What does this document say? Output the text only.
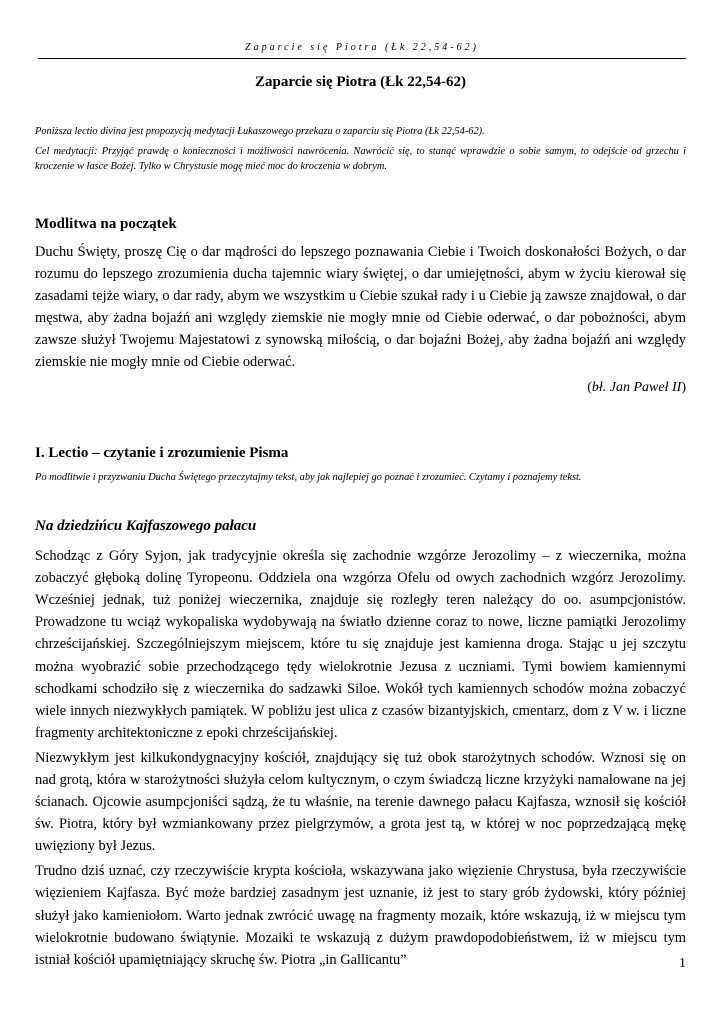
Zaparcie się Piotra (Łk 22,54-62)
Zaparcie się Piotra (Łk 22,54-62)

Poniższa lectio divina jest propozycją medytacji Łukaszowego przekazu o zaparciu się Piotra (Łk 22,54-62).

Cel medytacji: Przyjąć prawdę o konieczności i możliwości nawrócenia. Nawrócić się, to stanąć wprawdzie o sobie samym, to odejście od grzechu i kroczenie w łasce Bożej. Tylko w Chrystusie mogę mieć moc do kroczenia w dobrym.

Modlitwa na początek

Duchu Święty, proszę Cię o dar mądrości do lepszego poznawania Ciebie i Twoich doskonałości Bożych, o dar rozumu do lepszego zrozumienia ducha tajemnic wiary świętej, o dar umiejętności, abym w życiu kierował się zasadami tejże wiary, o dar rady, abym we wszystkim u Ciebie szukał rady i u Ciebie ją zawsze znajdował, o dar męstwa, aby żadna bojaźń ani względy ziemskie nie mogły mnie od Ciebie oderwać, o dar pobożności, abym zawsze służył Twojemu Majestatowi z synowską miłością, o dar bojaźni Bożej, aby żadna bojaźń ani względy ziemskie nie mogły mnie od Ciebie oderwać.

(bł. Jan Paweł II)
I. Lectio – czytanie i zrozumienie Pisma

Po modlitwie i przyzwaniu Ducha Świętego przeczytajmy tekst, aby jak najlepiej go poznać i zrozumieć. Czytamy i poznajemy tekst.

Na dziedzińcu Kajfaszowego pałacu

Schodząc z Góry Syjon, jak tradycyjnie określa się zachodnie wzgórze Jerozolimy – z wieczernika, można zobaczyć głęboką dolinę Tyropeonu. Oddziela ona wzgórza Ofelu od owych zachodnich wzgórz Jerozolimy. Wcześniej jednak, tuż poniżej wieczernika, znajduje się rozległy teren należący do oo. asumpcjonistów. Prowadzone tu wciąż wykopaliska wydobywają na światło dzienne coraz to nowe, liczne pamiątki Jerozolimy chrześcijańskiej. Szczególniejszym miejscem, które tu się znajduje jest kamienna droga. Stając u jej szczytu można wyobrazić sobie przechodzącego tędy wielokrotnie Jezusa z uczniami. Tymi bowiem kamiennymi schodkami schodziło się z wieczernika do sadzawki Siloe. Wokół tych kamiennych schodów można zobaczyć wiele innych niezwykłych pamiątek. W pobliżu jest ulica z czasów bizantyjskich, cmentarz, dom z V w. i liczne fragmenty architektoniczne z epoki chrześcijańskiej.

Niezwykłym jest kilkukondygnacyjny kościół, znajdujący się tuż obok starożytnych schodów. Wznosi się on nad grotą, która w starożytności służyła celom kultycznym, o czym świadczą liczne krzyżyki namalowane na jej ścianach. Ojcowie asumpcjoniści sądzą, że tu właśnie, na terenie dawnego pałacu Kajfasza, wznosił się kościół św. Piotra, który był wzmiankowany przez pielgrzymów, a grota jest tą, w której w noc poprzedzającą mękę uwięziony był Jezus.

Trudno dziś uznać, czy rzeczywiście krypta kościoła, wskazywana jako więzienie Chrystusa, była rzeczywiście więzieniem Kajfasza. Być może bardziej zasadnym jest uznanie, iż jest to stary grób żydowski, który później służył jako kamieniołom. Warto jednak zwrócić uwagę na fragmenty mozaik, które wskazują, iż w miejscu tym wielokrotnie budowano świątynie. Mozaiki te wskazują z dużym prawdopodobieństwem, iż w miejscu tym istniał kościół upamiętniający skruchę św. Piotra „in Gallicantu”	1
